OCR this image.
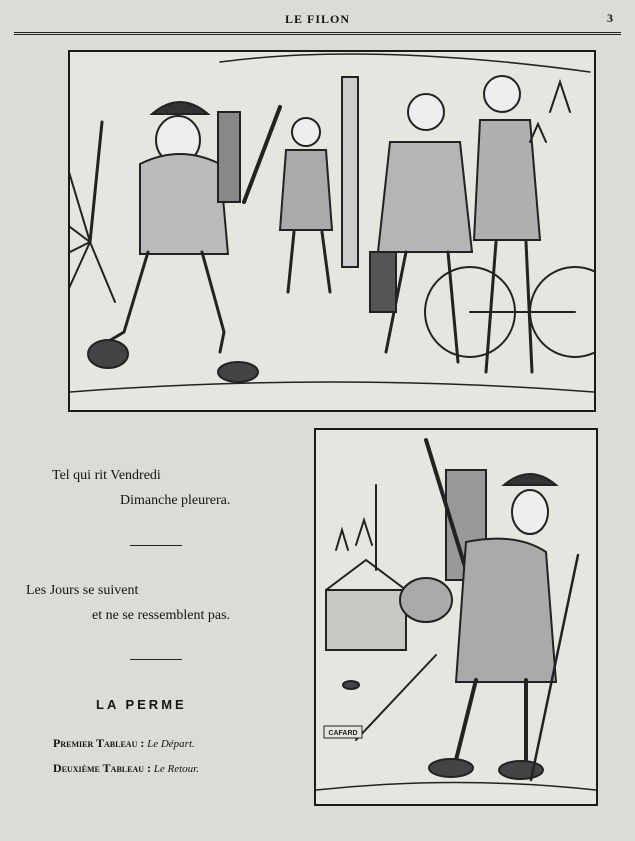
LE FILON	3
Tel qui rit Vendredi
Dimanche pleurera.
Les Jours se suivent
et ne se ressemblent pas.
LA PERME
Premier Tableau : Le Départ.
Deuxième Tableau : Le Retour.
CAFARD
